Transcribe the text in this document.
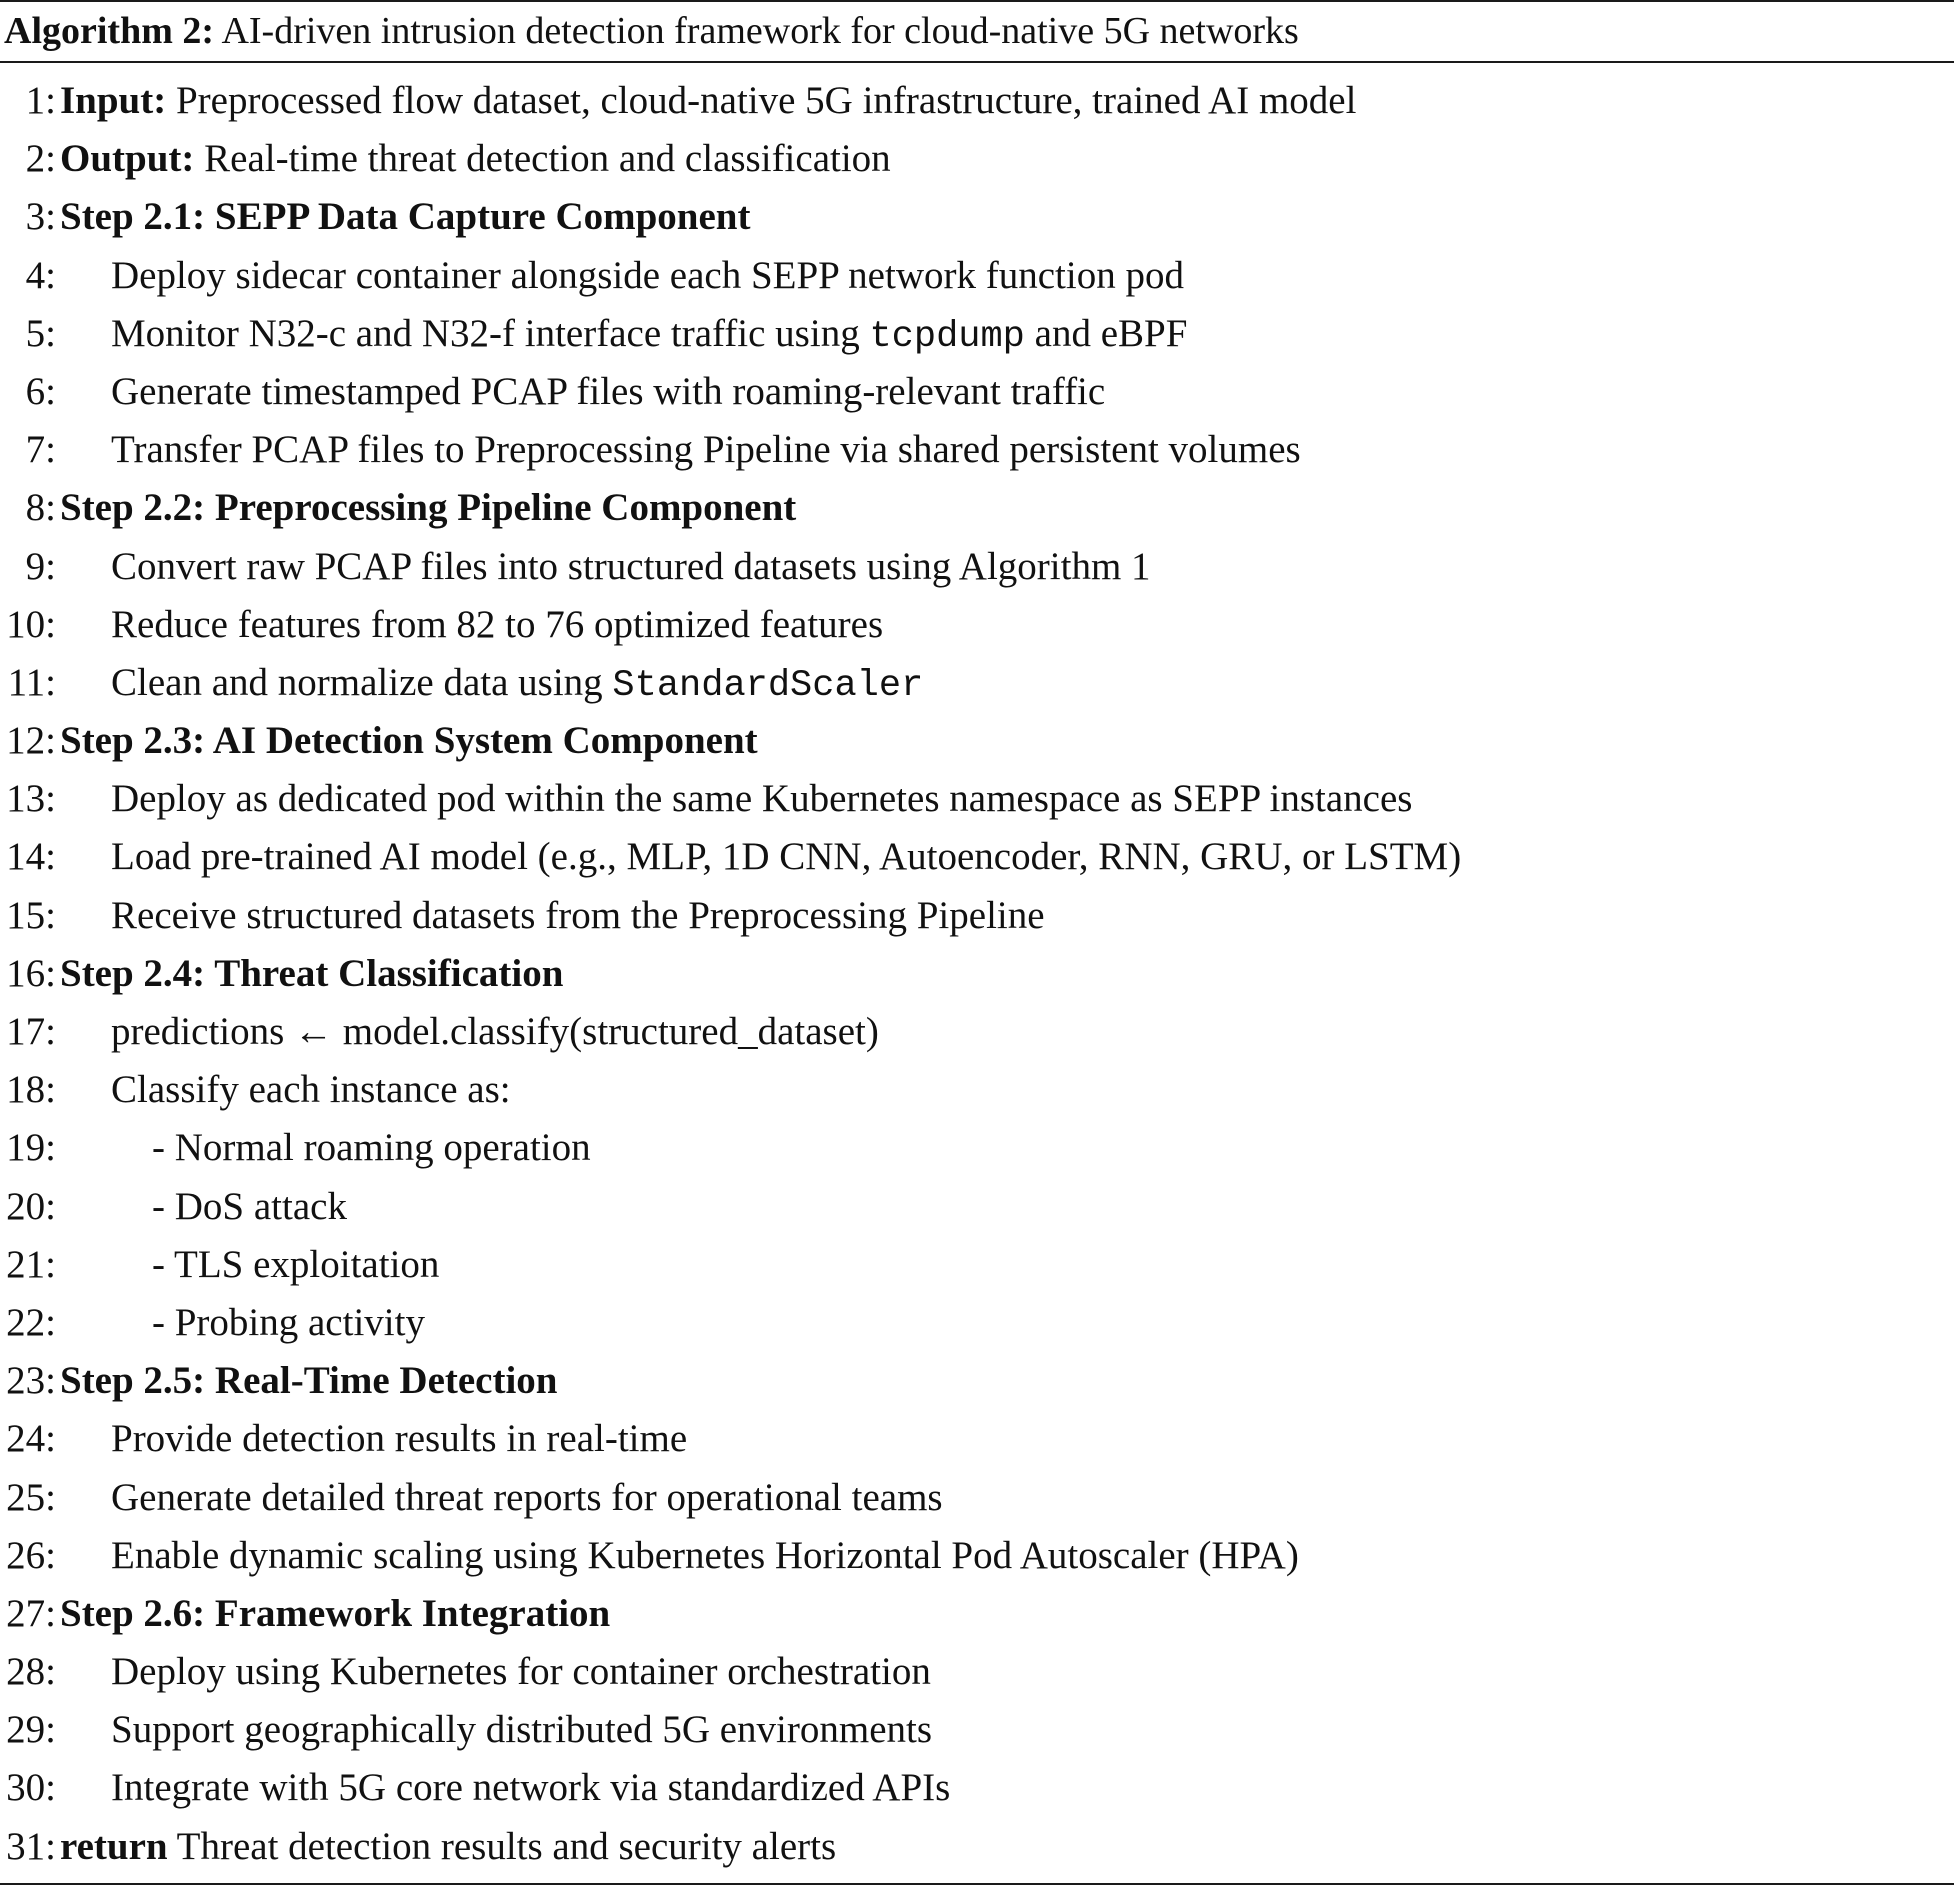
Algorithm 2: AI-driven intrusion detection framework for cloud-native 5G networks
1: Input: Preprocessed flow dataset, cloud-native 5G infrastructure, trained AI model
2: Output: Real-time threat detection and classification
3: Step 2.1: SEPP Data Capture Component
4: Deploy sidecar container alongside each SEPP network function pod
5: Monitor N32-c and N32-f interface traffic using tcpdump and eBPF
6: Generate timestamped PCAP files with roaming-relevant traffic
7: Transfer PCAP files to Preprocessing Pipeline via shared persistent volumes
8: Step 2.2: Preprocessing Pipeline Component
9: Convert raw PCAP files into structured datasets using Algorithm 1
10: Reduce features from 82 to 76 optimized features
11: Clean and normalize data using StandardScaler
12: Step 2.3: AI Detection System Component
13: Deploy as dedicated pod within the same Kubernetes namespace as SEPP instances
14: Load pre-trained AI model (e.g., MLP, 1D CNN, Autoencoder, RNN, GRU, or LSTM)
15: Receive structured datasets from the Preprocessing Pipeline
16: Step 2.4: Threat Classification
17: predictions ← model.classify(structured_dataset)
18: Classify each instance as:
19: - Normal roaming operation
20: - DoS attack
21: - TLS exploitation
22: - Probing activity
23: Step 2.5: Real-Time Detection
24: Provide detection results in real-time
25: Generate detailed threat reports for operational teams
26: Enable dynamic scaling using Kubernetes Horizontal Pod Autoscaler (HPA)
27: Step 2.6: Framework Integration
28: Deploy using Kubernetes for container orchestration
29: Support geographically distributed 5G environments
30: Integrate with 5G core network via standardized APIs
31: return Threat detection results and security alerts
